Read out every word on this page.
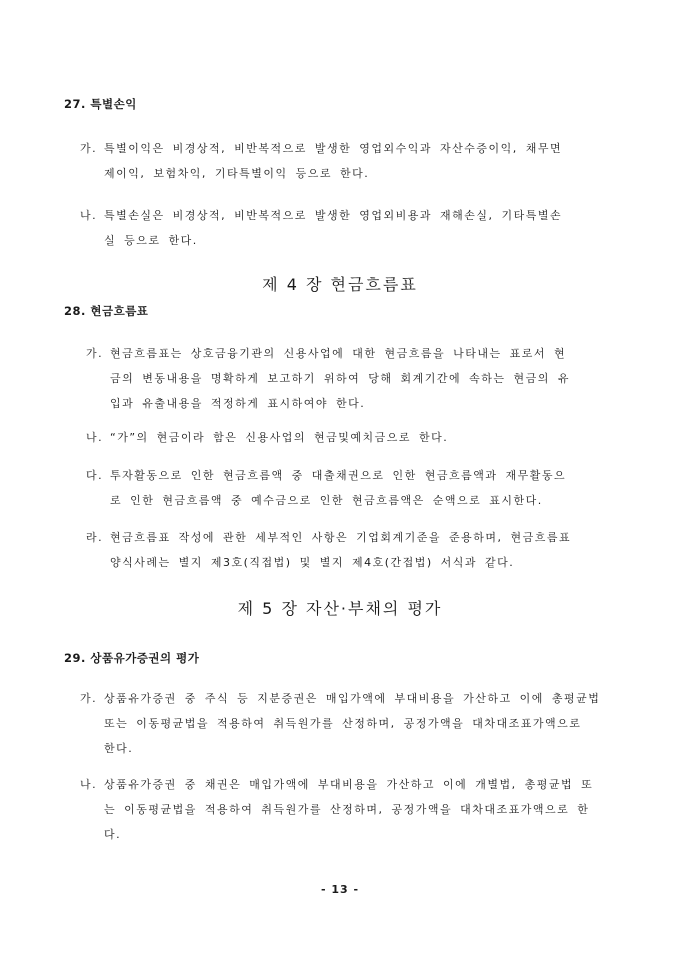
27. 특별손익
가. 특별이익은 비경상적, 비반복적으로 발생한 영업외수익과 자산수증이익, 채무면
제이익, 보험차익, 기타특별이익 등으로 한다.
나. 특별손실은 비경상적, 비반복적으로 발생한 영업외비용과 재해손실, 기타특별손
실 등으로 한다.
제 4 장 현금흐름표
28. 현금흐름표
가. 현금흐름표는 상호금융기관의 신용사업에 대한 현금흐름을 나타내는 표로서 현
금의 변동내용을 명확하게 보고하기 위하여 당해 회계기간에 속하는 현금의 유
입과 유출내용을 적정하게 표시하여야 한다.
나. “가”의 현금이라 함은 신용사업의 현금및예치금으로 한다.
다. 투자활동으로 인한 현금흐름액 중 대출채권으로 인한 현금흐름액과 재무활동으
로 인한 현금흐름액 중 예수금으로 인한 현금흐름액은 순액으로 표시한다.
라. 현금흐름표 작성에 관한 세부적인 사항은 기업회계기준을 준용하며, 현금흐름표
양식사례는 별지 제3호(직접법) 및 별지 제4호(간접법) 서식과 같다.
제 5 장 자산·부채의 평가
29. 상품유가증권의 평가
가. 상품유가증권 중 주식 등 지분증권은 매입가액에 부대비용을 가산하고 이에 총평균법
또는 이동평균법을 적용하여 취득원가를 산정하며, 공정가액을 대차대조표가액으로
한다.
나. 상품유가증권 중 채권은 매입가액에 부대비용을 가산하고 이에 개별법, 총평균법 또
는 이동평균법을 적용하여 취득원가를 산정하며, 공정가액을 대차대조표가액으로 한
다.
- 13 -
